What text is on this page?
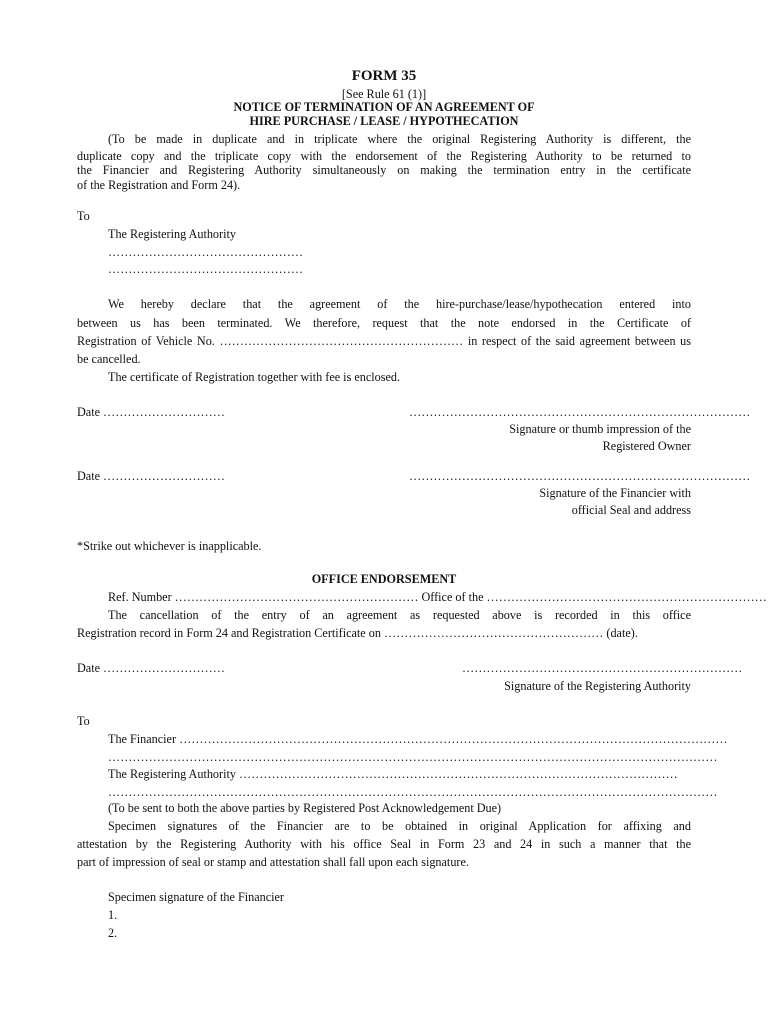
FORM 35
[See Rule 61 (1)]
NOTICE OF TERMINATION OF AN AGREEMENT OF
HIRE PURCHASE / LEASE / HYPOTHECATION
(To be made in duplicate and in triplicate where the original Registering Authority is different, the
duplicate copy and the triplicate copy with the endorsement of the Registering Authority to be returned to
the Financier and Registering Authority simultaneously on making the termination entry in the certificate
of the Registration and Form 24).
To
The Registering Authority
…………………………………………
…………………………………………
We hereby declare that the agreement of the hire-purchase/lease/hypothecation entered into
between us has been terminated. We therefore, request that the note endorsed in the Certificate of
Registration of Vehicle No. …………………………………………………… in respect of the said agreement between us
be cancelled.
The certificate of Registration together with fee is enclosed.
Date …………………………	…………………………………………………………………………
Signature or thumb impression of the
Registered Owner
Date …………………………	…………………………………………………………………………
Signature of the Financier with
official Seal and address
*Strike out whichever is inapplicable.
OFFICE ENDORSEMENT
Ref. Number …………………………………………………… Office of the ……………………………………………………………
The cancellation of the entry of an agreement as requested above is recorded in this office
Registration record in Form 24 and Registration Certificate on ……………………………………………… (date).
Date …………………………	……………………………………………………………
Signature of the Registering Authority
To
The Financier ………………………………………………………………………………………………………………………
……………………………………………………………………………………………………………………………………
The Registering Authority ………………………………………………………………………………………………
……………………………………………………………………………………………………………………………………
(To be sent to both the above parties by Registered Post Acknowledgement Due)
Specimen signatures of the Financier are to be obtained in original Application for affixing and
attestation by the Registering Authority with his office Seal in Form 23 and 24 in such a manner that the
part of impression of seal or stamp and attestation shall fall upon each signature.
Specimen signature of the Financier
1.
2.
